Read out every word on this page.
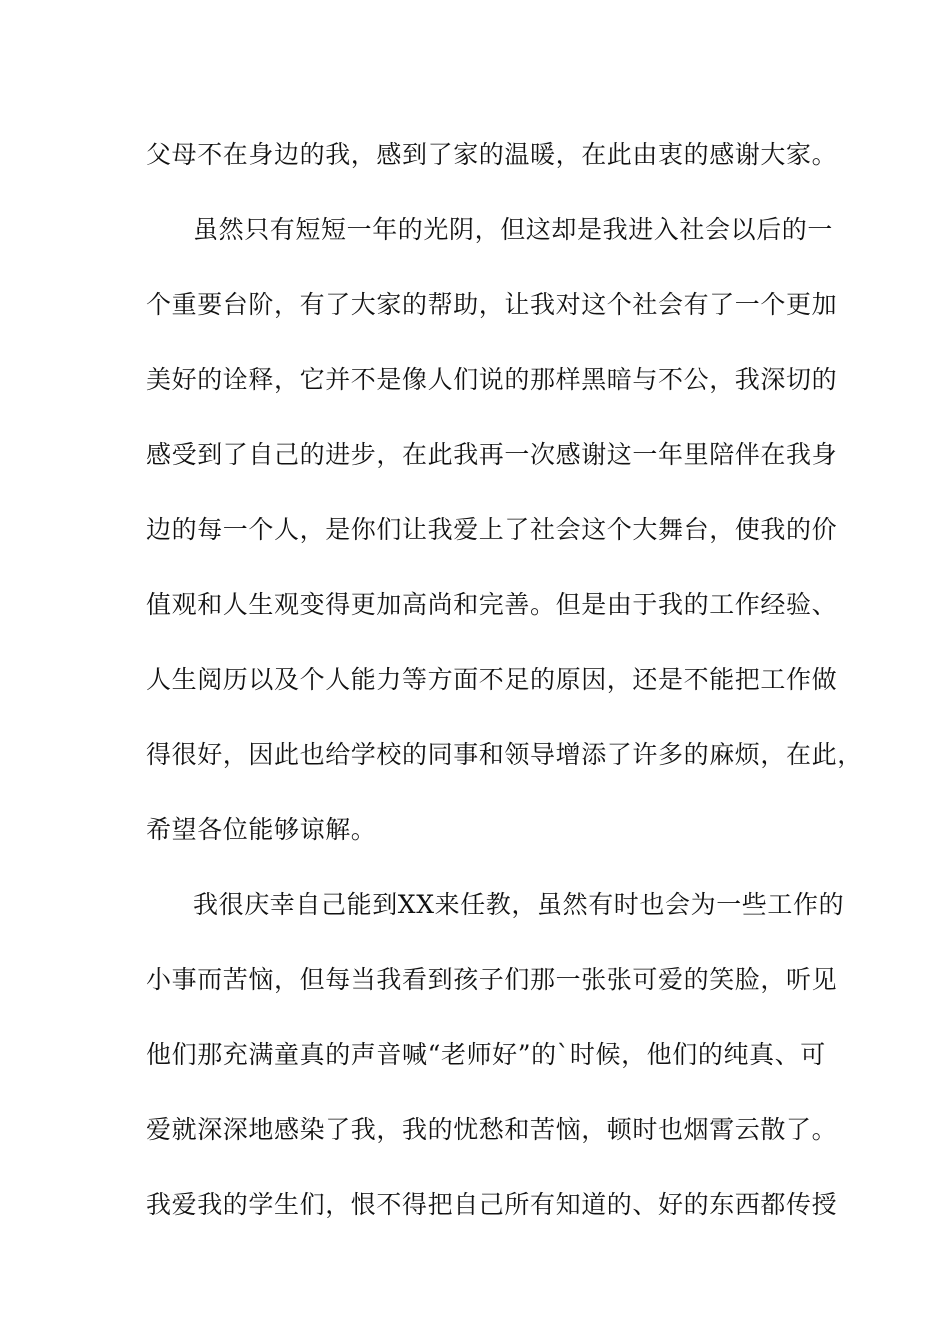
父母不在身边的我，感到了家的温暖，在此由衷的感谢大家。
虽然只有短短一年的光阴，但这却是我进入社会以后的一
个重要台阶，有了大家的帮助，让我对这个社会有了一个更加
美好的诠释，它并不是像人们说的那样黑暗与不公，我深切的
感受到了自己的进步，在此我再一次感谢这一年里陪伴在我身
边的每一个人，是你们让我爱上了社会这个大舞台，使我的价
值观和人生观变得更加高尚和完善。但是由于我的工作经验、
人生阅历以及个人能力等方面不足的原因，还是不能把工作做
得很好，因此也给学校的同事和领导增添了许多的麻烦，在此，
希望各位能够谅解。
我很庆幸自己能到XX来任教，虽然有时也会为一些工作的
小事而苦恼，但每当我看到孩子们那一张张可爱的笑脸，听见
他们那充满童真的声音喊“老师好”的`时候，他们的纯真、可
爱就深深地感染了我，我的忧愁和苦恼，顿时也烟霄云散了。
我爱我的学生们，恨不得把自己所有知道的、好的东西都传授
